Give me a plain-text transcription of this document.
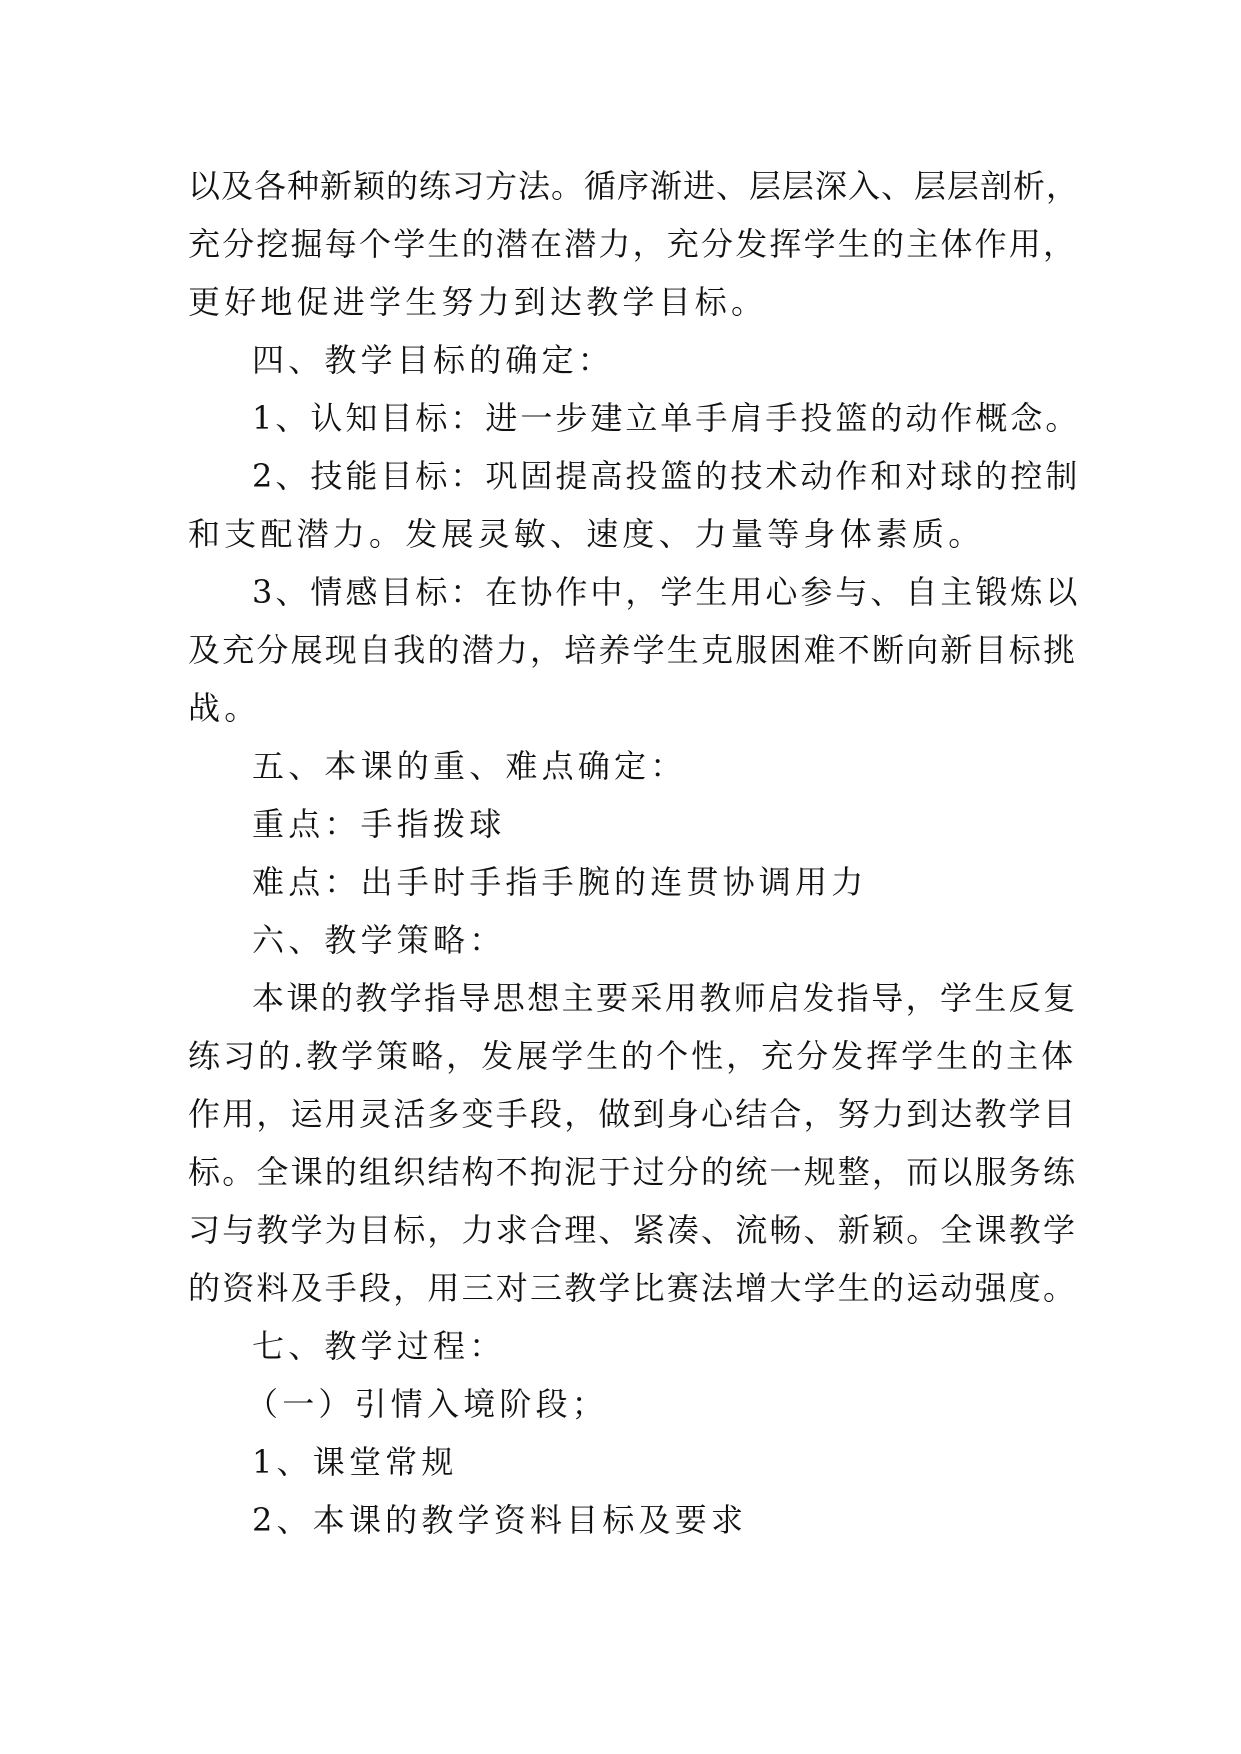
以及各种新颖的练习方法。循序渐进、层层深入、层层剖析，
充分挖掘每个学生的潜在潜力，充分发挥学生的主体作用，
更好地促进学生努力到达教学目标。
四、教学目标的确定：
1、认知目标：进一步建立单手肩手投篮的动作概念。
2、技能目标：巩固提高投篮的技术动作和对球的控制
和支配潜力。发展灵敏、速度、力量等身体素质。
3、情感目标：在协作中，学生用心参与、自主锻炼以
及充分展现自我的潜力，培养学生克服困难不断向新目标挑
战。
五、本课的重、难点确定：
重点：手指拨球
难点：出手时手指手腕的连贯协调用力
六、教学策略：
本课的教学指导思想主要采用教师启发指导，学生反复
练习的.教学策略，发展学生的个性，充分发挥学生的主体
作用，运用灵活多变手段，做到身心结合，努力到达教学目
标。全课的组织结构不拘泥于过分的统一规整，而以服务练
习与教学为目标，力求合理、紧凑、流畅、新颖。全课教学
的资料及手段，用三对三教学比赛法增大学生的运动强度。
七、教学过程：
（一）引情入境阶段；
1、课堂常规
2、本课的教学资料目标及要求
